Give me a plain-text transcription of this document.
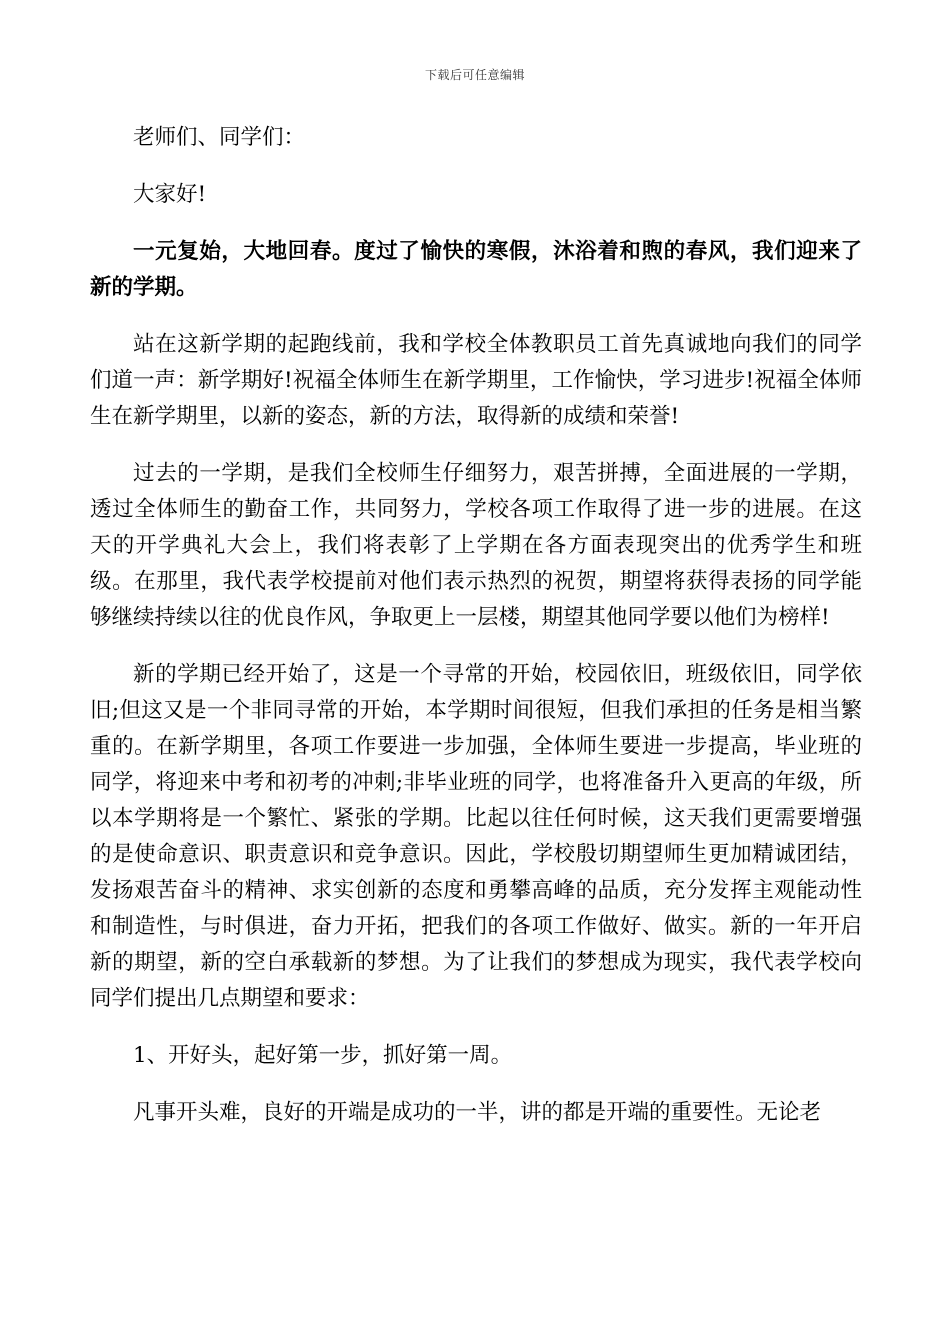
下载后可任意编辑

老师们、同学们：

大家好!

一元复始，大地回春。度过了愉快的寒假，沐浴着和煦的春风，我们迎来了新的学期。

站在这新学期的起跑线前，我和学校全体教职员工首先真诚地向我们的同学们道一声：新学期好!祝福全体师生在新学期里，工作愉快，学习进步!祝福全体师生在新学期里，以新的姿态，新的方法，取得新的成绩和荣誉!

过去的一学期，是我们全校师生仔细努力，艰苦拼搏，全面进展的一学期，透过全体师生的勤奋工作，共同努力，学校各项工作取得了进一步的进展。在这天的开学典礼大会上，我们将表彰了上学期在各方面表现突出的优秀学生和班级。在那里，我代表学校提前对他们表示热烈的祝贺，期望将获得表扬的同学能够继续持续以往的优良作风，争取更上一层楼，期望其他同学要以他们为榜样!

新的学期已经开始了，这是一个寻常的开始，校园依旧，班级依旧，同学依旧;但这又是一个非同寻常的开始，本学期时间很短，但我们承担的任务是相当繁重的。在新学期里，各项工作要进一步加强，全体师生要进一步提高，毕业班的同学，将迎来中考和初考的冲刺;非毕业班的同学，也将准备升入更高的年级，所以本学期将是一个繁忙、紧张的学期。比起以往任何时候，这天我们更需要增强的是使命意识、职责意识和竞争意识。因此，学校殷切期望师生更加精诚团结，发扬艰苦奋斗的精神、求实创新的态度和勇攀高峰的品质，充分发挥主观能动性和制造性，与时俱进，奋力开拓，把我们的各项工作做好、做实。新的一年开启新的期望，新的空白承载新的梦想。为了让我们的梦想成为现实，我代表学校向同学们提出几点期望和要求：

1、开好头，起好第一步，抓好第一周。

凡事开头难，良好的开端是成功的一半，讲的都是开端的重要性。无论老
